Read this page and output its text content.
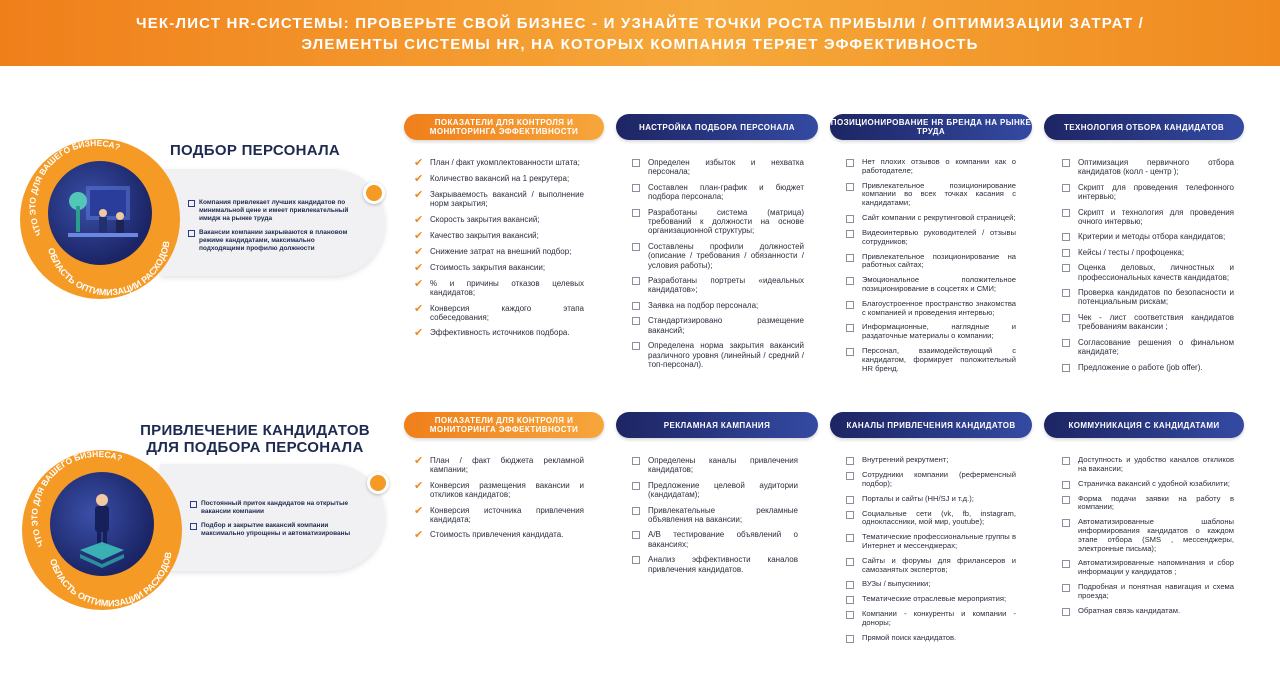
ЧЕК-ЛИСТ HR-СИСТЕМЫ: ПРОВЕРЬТЕ СВОЙ БИЗНЕС - И УЗНАЙТЕ ТОЧКИ РОСТА ПРИБЫЛИ / ОПТИМИЗАЦИИ ЗАТРАТ /
ЭЛЕМЕНТЫ СИСТЕМЫ HR, НА КОТОРЫХ КОМПАНИЯ ТЕРЯЕТ ЭФФЕКТИВНОСТЬ
Компания привлекает лучших кандидатов по минимальной цене и имеет привлекательный имидж на рынке труда
Вакансии компании закрываются в плановом режиме кандидатами, максимально подходящими профилю должности
ПОДБОР ПЕРСОНАЛА
ЧТО ЭТО ДЛЯ ВАШЕГО БИЗНЕСА?
ОБЛАСТЬ ОПТИМИЗАЦИИ РАСХОДОВ
ПОКАЗАТЕЛИ ДЛЯ КОНТРОЛЯ И МОНИТОРИНГА ЭФФЕКТИВНОСТИ	НАСТРОЙКА ПОДБОРА ПЕРСОНАЛА	ПОЗИЦИОНИРОВАНИЕ HR БРЕНДА НА РЫНКЕ ТРУДА	ТЕХНОЛОГИЯ ОТБОРА КАНДИДАТОВ
✔ План / факт укомплектованности штата;
✔ Количество вакансий на 1 рекрутера;
✔ Закрываемость вакансий / выполнение норм закрытия;
✔ Скорость закрытия вакансий;
✔ Качество закрытия вакансий;
✔ Снижение затрат на внешний подбор;
✔ Стоимость закрытия вакансии;
✔ % и причины отказов целевых кандидатов;
✔ Конверсия каждого этапа собеседования;
✔ Эффективность источников подбора.
Определен избыток и нехватка персонала;
Составлен план-график и бюджет подбора персонала;
Разработаны система (матрица) требований к должности на основе организационной структуры;
Составлены профили должностей (описание / требования / обязанности / условия работы);
Разработаны портреты «идеальных кандидатов»;
Заявка на подбор персонала;
Стандартизировано размещение вакансий;
Определена норма закрытия вакансий различного уровня (линейный / средний / топ-персонал).
Нет плохих отзывов о компании как о работодателе;
Привлекательное позиционирование компании во всех точках касания с кандидатами;
Сайт компании с рекрутинговой страницей;
Видеоинтервью руководителей / отзывы сотрудников;
Привлекательное позиционирование на работных сайтах;
Эмоциональное положительное позиционирование в соцсетях и СМИ;
Благоустроенное пространство знакомства с компанией и проведения интервью;
Информационные, наглядные и раздаточные материалы о компании;
Персонал, взаимодействующий с кандидатом, формирует положительный HR бренд.
Оптимизация первичного отбора кандидатов (колл - центр );
Скрипт для проведения телефонного интервью;
Скрипт и технология для проведения очного интервью;
Критерии и методы отбора кандидатов;
Кейсы / тесты / профоценка;
Оценка деловых, личностных и профессиональных качеств кандидатов;
Проверка кандидатов по безопасности и потенциальным рискам;
Чек - лист соответствия кандидатов требованиям вакансии ;
Согласование решения о финальном кандидате;
Предложение о работе (job offer).
Постоянный приток кандидатов на открытые вакансии компании
Подбор и закрытие вакансий компании максимально упрощены и автоматизированы
ПРИВЛЕЧЕНИЕ КАНДИДАТОВ
ДЛЯ ПОДБОРА ПЕРСОНАЛА
ЧТО ЭТО ДЛЯ ВАШЕГО БИЗНЕСА?
ОБЛАСТЬ ОПТИМИЗАЦИИ РАСХОДОВ
ПОКАЗАТЕЛИ ДЛЯ КОНТРОЛЯ И МОНИТОРИНГА ЭФФЕКТИВНОСТИ	РЕКЛАМНАЯ КАМПАНИЯ	КАНАЛЫ ПРИВЛЕЧЕНИЯ КАНДИДАТОВ	КОММУНИКАЦИЯ С КАНДИДАТАМИ
✔ План / факт бюджета рекламной кампании;
✔ Конверсия размещения вакансии и откликов кандидатов;
✔ Конверсия источника привлечения кандидата;
✔ Стоимость привлечения кандидата.
Определены каналы привлечения кандидатов;
Предложение целевой аудитории (кандидатам);
Привлекательные рекламные объявления на вакансии;
A/B тестирование объявлений о вакансиях;
Анализ эффективности каналов привлечения кандидатов.
Внутренний рекрутмент;
Сотрудники компании (реферменсный подбор);
Порталы и сайты (HH/SJ и т.д.);
Социальные сети (vk, fb, instagram, одноклассники, мой мир, youtube);
Тематические профессиональные группы в Интернет и мессенджерах;
Сайты и форумы для фрилансеров и самозанятых экспертов;
ВУЗы / выпускники;
Тематические отраслевые мероприятия;
Компании - конкуренты и компании - доноры;
Прямой поиск кандидатов.
Доступность и удобство каналов откликов на вакансии;
Страничка вакансий с удобной юзабилити;
Форма подачи заявки на работу в компании;
Автоматизированные шаблоны информирования кандидатов о каждом этапе отбора (SMS , мессенджеры, электронные письма);
Автоматизированные напоминания и сбор информации у кандидатов ;
Подробная и понятная навигация и схема проезда;
Обратная связь кандидатам.
